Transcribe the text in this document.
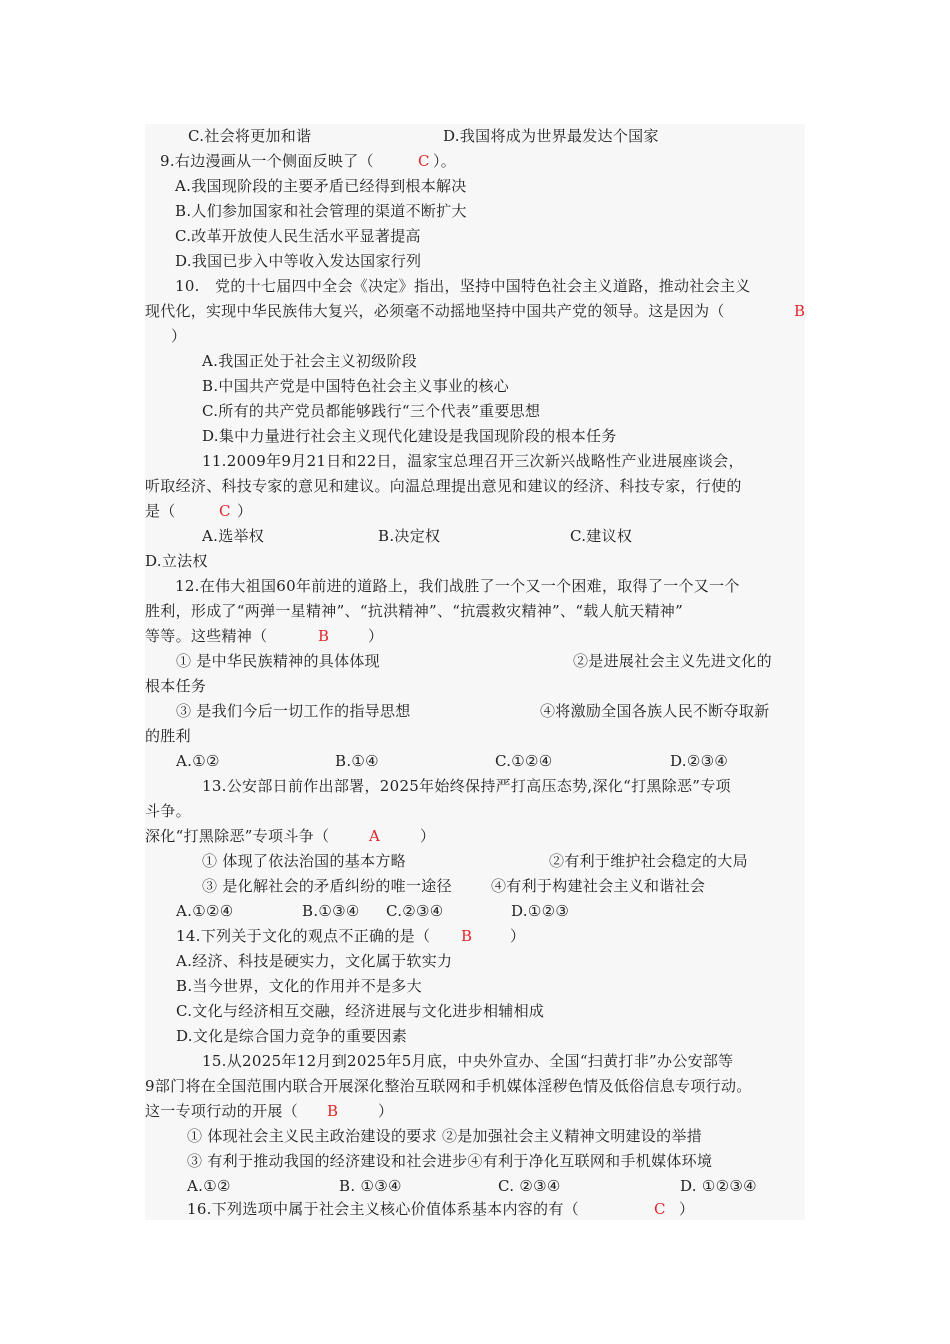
C.社会将更加和谐	D.我国将成为世界最发达个国家
9.右边漫画从一个侧面反映了（	C ）。
A.我国现阶段的主要矛盾已经得到根本解决
B.人们参加国家和社会管理的渠道不断扩大
C.改革开放使人民生活水平显著提高
D.我国已步入中等收入发达国家行列
10.　党的十七届四中全会《决定》指出，坚持中国特色社会主义道路，推动社会主义
现代化，实现中华民族伟大复兴，必须毫不动摇地坚持中国共产党的领导。这是因为（	B
）
A.我国正处于社会主义初级阶段
B.中国共产党是中国特色社会主义事业的核心
C.所有的共产党员都能够践行“三个代表”重要思想
D.集中力量进行社会主义现代化建设是我国现阶段的根本任务
11.2009年9月21日和22日，温家宝总理召开三次新兴战略性产业进展座谈会，
听取经济、科技专家的意见和建议。向温总理提出意见和建议的经济、科技专家，行使的
是（	C ）
A.选举权	B.决定权	C.建议权
D.立法权
12.在伟大祖国60年前进的道路上，我们战胜了一个又一个困难，取得了一个又一个
胜利，形成了“两弹一星精神”、“抗洪精神”、“抗震救灾精神”、“载人航天精神”
等等。这些精神（	B	）
① 是中华民族精神的具体体现	②是进展社会主义先进文化的
根本任务
③ 是我们今后一切工作的指导思想	④将激励全国各族人民不断夺取新
的胜利
A.①②	B.①④	C.①②④	D.②③④
13.公安部日前作出部署，2025年始终保持严打高压态势,深化“打黑除恶”专项
斗争。
深化“打黑除恶”专项斗争（	A	）
① 体现了依法治国的基本方略	②有利于维护社会稳定的大局
③ 是化解社会的矛盾纠纷的唯一途径	④有利于构建社会主义和谐社会
A.①②④	B.①③④ C.②③④	D.①②③
14.下列关于文化的观点不正确的是（ B	）
A.经济、科技是硬实力，文化属于软实力
B.当今世界，文化的作用并不是多大
C.文化与经济相互交融，经济进展与文化进步相辅相成
D.文化是综合国力竞争的重要因素
15.从2025年12月到2025年5月底，中央外宣办、全国“扫黄打非”办公安部等
9部门将在全国范围内联合开展深化整治互联网和手机媒体淫秽色情及低俗信息专项行动。
这一专项行动的开展（ B	）
① 体现社会主义民主政治建设的要求 ②是加强社会主义精神文明建设的举措
③ 有利于推动我国的经济建设和社会进步④有利于净化互联网和手机媒体环境
A.①②	B. ①③④	C. ②③④	D. ①②③④
16.下列选项中属于社会主义核心价值体系基本内容的有（	C ）
